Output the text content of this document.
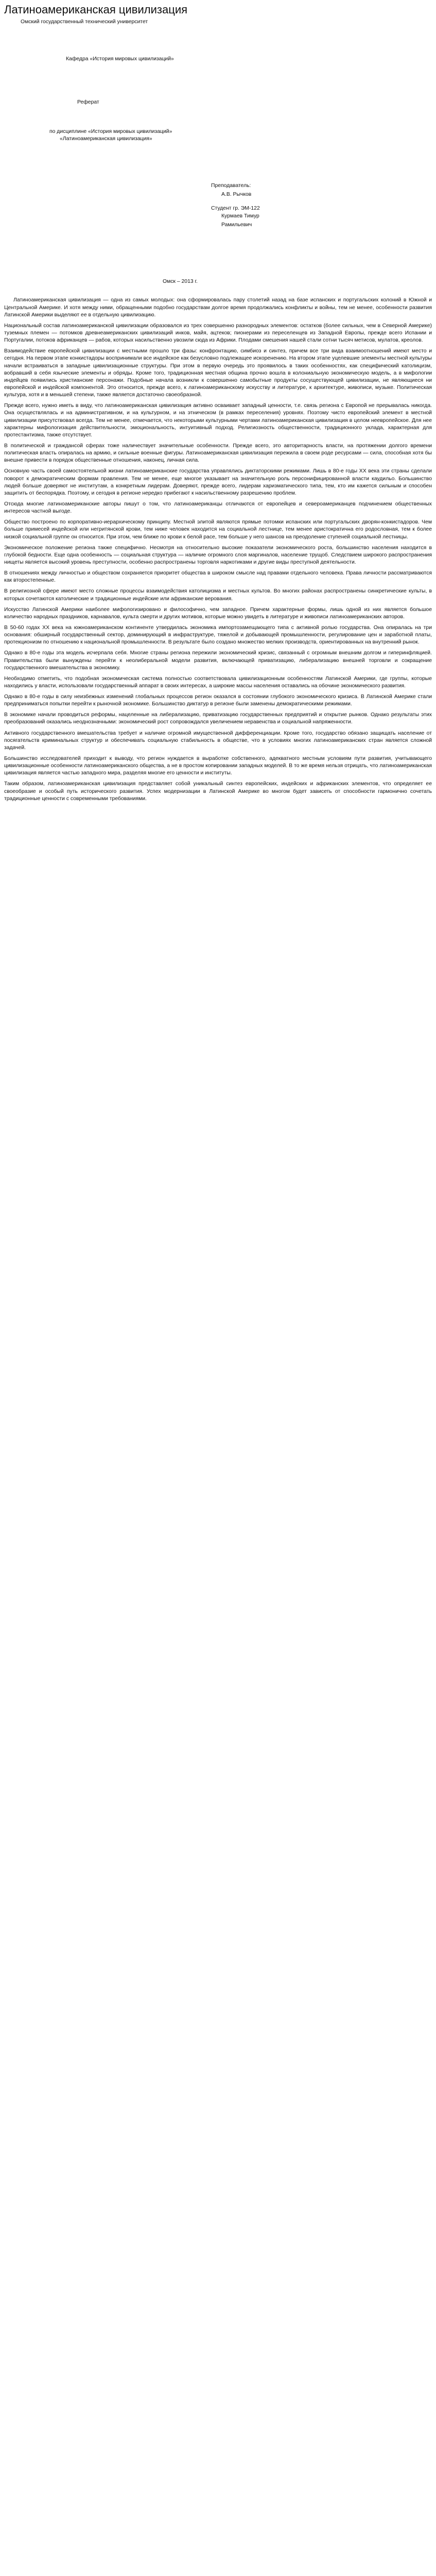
Латиноамериканская цивилизация
Омский государственный технический университет
Кафедра «История мировых цивилизаций»
Реферат
по дисциплине «История мировых цивилизаций»
«Латиноамериканская цивилизация»
Преподаватель:
А.В. Рычков
Студент гр. ЭМ-122
Курмаев Тимур Рамильевич
Омск – 2013 г.

Латиноамериканская цивилизация — одна из самых молодых: она сформировалась пару столетий назад на базе испанских и португальских колоний в Южной и Центральной Америке. И хотя между ними, обращенными подобно государствам долгое время продолжались конфликты и войны, тем не менее, особенности развития Латинской Америки выделяют ее в отдельную цивилизацию.

Национальный состав латиноамериканской цивилизации образовался из трех совершенно разнородных элементов: остатков (более сильных, чем в Северной Америке) туземных племен — потомков древнеамериканских цивилизаций инков, майя, ацтеков; пионерами из переселенцев из Западной Европы, прежде всего Испании и Португалии, потоков африканцев — рабов, которых насильственно увозили сюда из Африки. Плодами смешения нашей стали сотни тысяч метисов, мулатов, креолов.

Взаимодействие европейской цивилизации с местными прошло три фазы: конфронтацию, симбиоз и синтез, причем все три вида взаимоотношений имеют место и сегодня. На первом этапе конкистадоры воспринимали все индейское как безусловно подлежащее искоренению. На втором этапе уцелевшие элементы местной культуры начали встраиваться в западные цивилизационные структуры. При этом в первую очередь это проявилось в таких особенностях, как специфический католицизм, вобравший в себя языческие элементы и обряды. Кроме того, традиционная местная община прочно вошла в колониальную экономическую модель, а в мифологии индейцев появились христианские персонажи. Подобные начала возникли к совершенно самобытные продукты сосуществующей цивилизации, не являющиеся ни европейской и индейской компонентой. Это относится, прежде всего, к латиноамериканскому искусству и литературе, к архитектуре, живописи, музыке. Политическая культура, хотя и в меньшей степени, также является достаточно своеобразной.

Прежде всего, нужно иметь в виду, что латиноамериканская цивилизация активно осваивает западный ценности, т.е. связь региона с Европой не прерывалась никогда. Она осуществлялась и на административном, и на культурном, и на этническом (в рамках переселения) уровнях. Поэтому чисто европейский элемент в местной цивилизации присутствовал всегда. Тем не менее, отмечается, что некоторыми культурными чертами латиноамериканская цивилизация в целом неевропейское. Для нее характерны мифологизация действительности, эмоциональность, интуитивный подход. Религиозность общественности, традиционного уклада, характерная для протестантизма, также отсутствует.

В политической и граждансой сферах тоже наличествует значительные особенности. Прежде всего, это авторитарность власти, на протяжении долгого времени политическая власть опиралась на армию, и сильные военные фигуры. Латиноамериканская цивилизация пережила в своем роде ресурсами — сила, способная хотя бы внешне привести в порядок общественные отношения, наконец, личная сила.

Основную часть своей самостоятельной жизни латиноамериканские государства управлялись диктаторскими режимами. Лишь в 80-е годы ХХ века эти страны сделали поворот к демократическим формам правления. Тем не менее, еще многое указывает на значительную роль персонифицированной власти каудильо. Большинство людей больше доверяют не институтам, а конкретным лидерам. Доверяют, прежде всего, лидерам харизматического типа, тем, кто им кажется сильным и способен защитить от беспорядка. Поэтому, и сегодня в регионе нередко прибегают к насильственному разрешению проблем.

Отсюда многие латиноамериканские авторы пишут о том, что латиноамериканцы отличаются от европейцев и североамериканцев подчинением общественных интересов частной выгоде.

Общество построено по корпоративно-иерархическому принципу. Местной элитой являются прямые потомки испанских или португальских дворян-конкистадоров. Чем больше примесей индейской или негритянской крови, тем ниже человек находится на социальной лестнице, тем менее аристократична его родословная, тем к более низкой социальной группе он относится. При этом, чем ближе по крови к белой расе, тем больше у него шансов на преодоление ступеней социальной лестницы.

Экономическое положение региона также специфично. Несмотря на относительно высокие показатели экономического роста, большинство населения находится в глубокой бедности. Еще одна особенность — социальная структура — наличие огромного слоя маргиналов, население трущоб. Следствием широкого распространения нищеты является высокий уровень преступности, особенно распространены торговля наркотиками и другие виды преступной деятельности.

В отношениях между личностью и обществом сохраняется приоритет общества в широком смысле над правами отдельного человека. Права личности рассматриваются как второстепенные.

В религиозной сфере имеют место сложные процессы взаимодействия католицизма и местных культов. Во многих районах распространены синкретические культы, в которых сочетаются католические и традиционные индейские или африканские верования.

Искусство Латинской Америки наиболее мифологизировано и философично, чем западное. Причем характерные формы, лишь одной из них является большое количество народных праздников, карнавалов, культа смерти и других мотивов, которые можно увидеть в литературе и живописи латиноамериканских авторов.

В 50-60 годах ХХ века на южноамериканском континенте утвердилась экономика импортозамещающего типа с активной ролью государства. Она опиралась на три основания: обширный государственный сектор, доминирующий в инфраструктуре, тяжелой и добывающей промышленности, регулирование цен и заработной платы, протекционизм по отношению к национальной промышленности. В результате было создано множество мелких производств, ориентированных на внутренний рынок.

Однако в 80-е годы эта модель исчерпала себя. Многие страны региона пережили экономический кризис, связанный с огромным внешним долгом и гиперинфляцией. Правительства были вынуждены перейти к неолиберальной модели развития, включающей приватизацию, либерализацию внешней торговли и сокращение государственного вмешательства в экономику.

Необходимо отметить, что подобная экономическая система полностью соответствовала цивилизационным особенностям Латинской Америки, где группы, которые находились у власти, использовали государственный аппарат в своих интересах, а широкие массы населения оставались на обочине экономического развития.

Однако в 80-е годы в силу неизбежных изменений глобальных процессов регион оказался в состоянии глубокого экономического кризиса. В Латинской Америке стали предприниматься попытки перейти к рыночной экономике. Большинство диктатур в регионе были заменены демократическими режимами.

В экономике начали проводиться реформы, нацеленные на либерализацию, приватизацию государственных предприятий и открытие рынков. Однако результаты этих преобразований оказались неоднозначными: экономический рост сопровождался увеличением неравенства и социальной напряженности.

Активного государственного вмешательства требует и наличие огромной имущественной дифференциации. Кроме того, государство обязано защищать население от посягательств криминальных структур и обеспечивать социальную стабильность в обществе, что в условиях многих латиноамериканских стран является сложной задачей.

Большинство исследователей приходит к выводу, что регион нуждается в выработке собственного, адекватного местным условиям пути развития, учитывающего цивилизационные особенности латиноамериканского общества, а не в простом копировании западных моделей. В то же время нельзя отрицать, что латиноамериканская цивилизация является частью западного мира, разделяя многие его ценности и институты.

Таким образом, латиноамериканская цивилизация представляет собой уникальный синтез европейских, индейских и африканских элементов, что определяет ее своеобразие и особый путь исторического развития. Успех модернизации в Латинской Америке во многом будет зависеть от способности гармонично сочетать традиционные ценности с современными требованиями.
